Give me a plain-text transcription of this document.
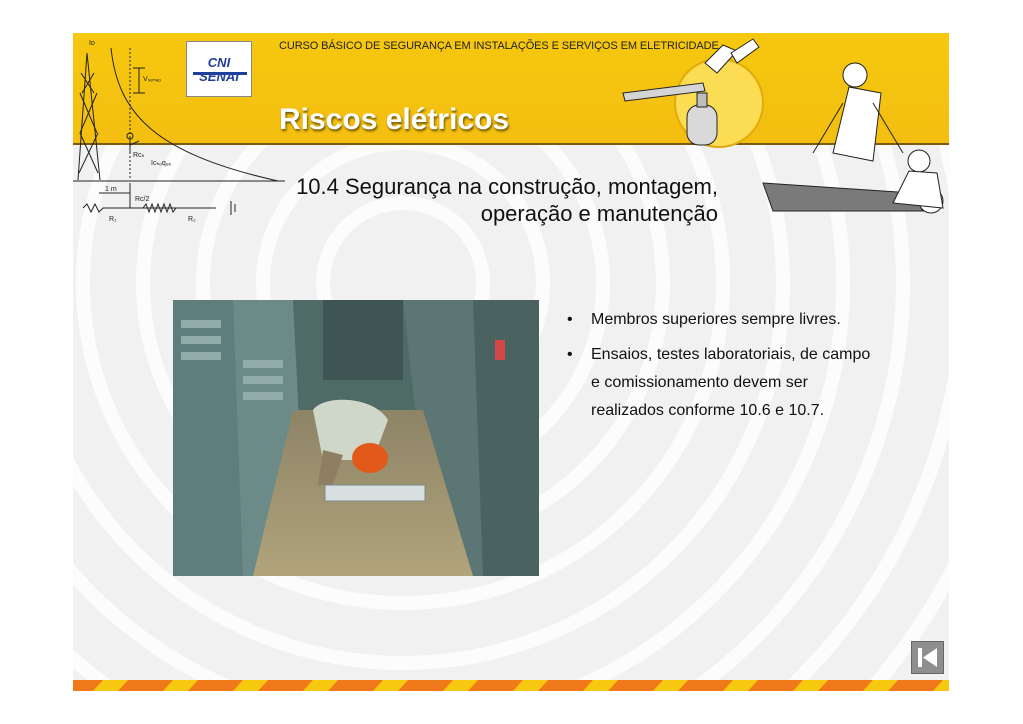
Iᴅ
Vₛₑₙₐₒ
Rᴄₕ
Iᴄₕₒqᵤₑ
1 m
Rᴄ/2
R₁	R₂
CNI
SENAI
CURSO BÁSICO DE SEGURANÇA EM INSTALAÇÕES E SERVIÇOS EM ELETRICIDADE
Riscos elétricos
10.4 Segurança na construção, montagem, operação e manutenção
• Membros superiores sempre livres.
• Ensaios, testes laboratoriais, de campo e comissionamento devem ser realizados conforme 10.6 e 10.7.
